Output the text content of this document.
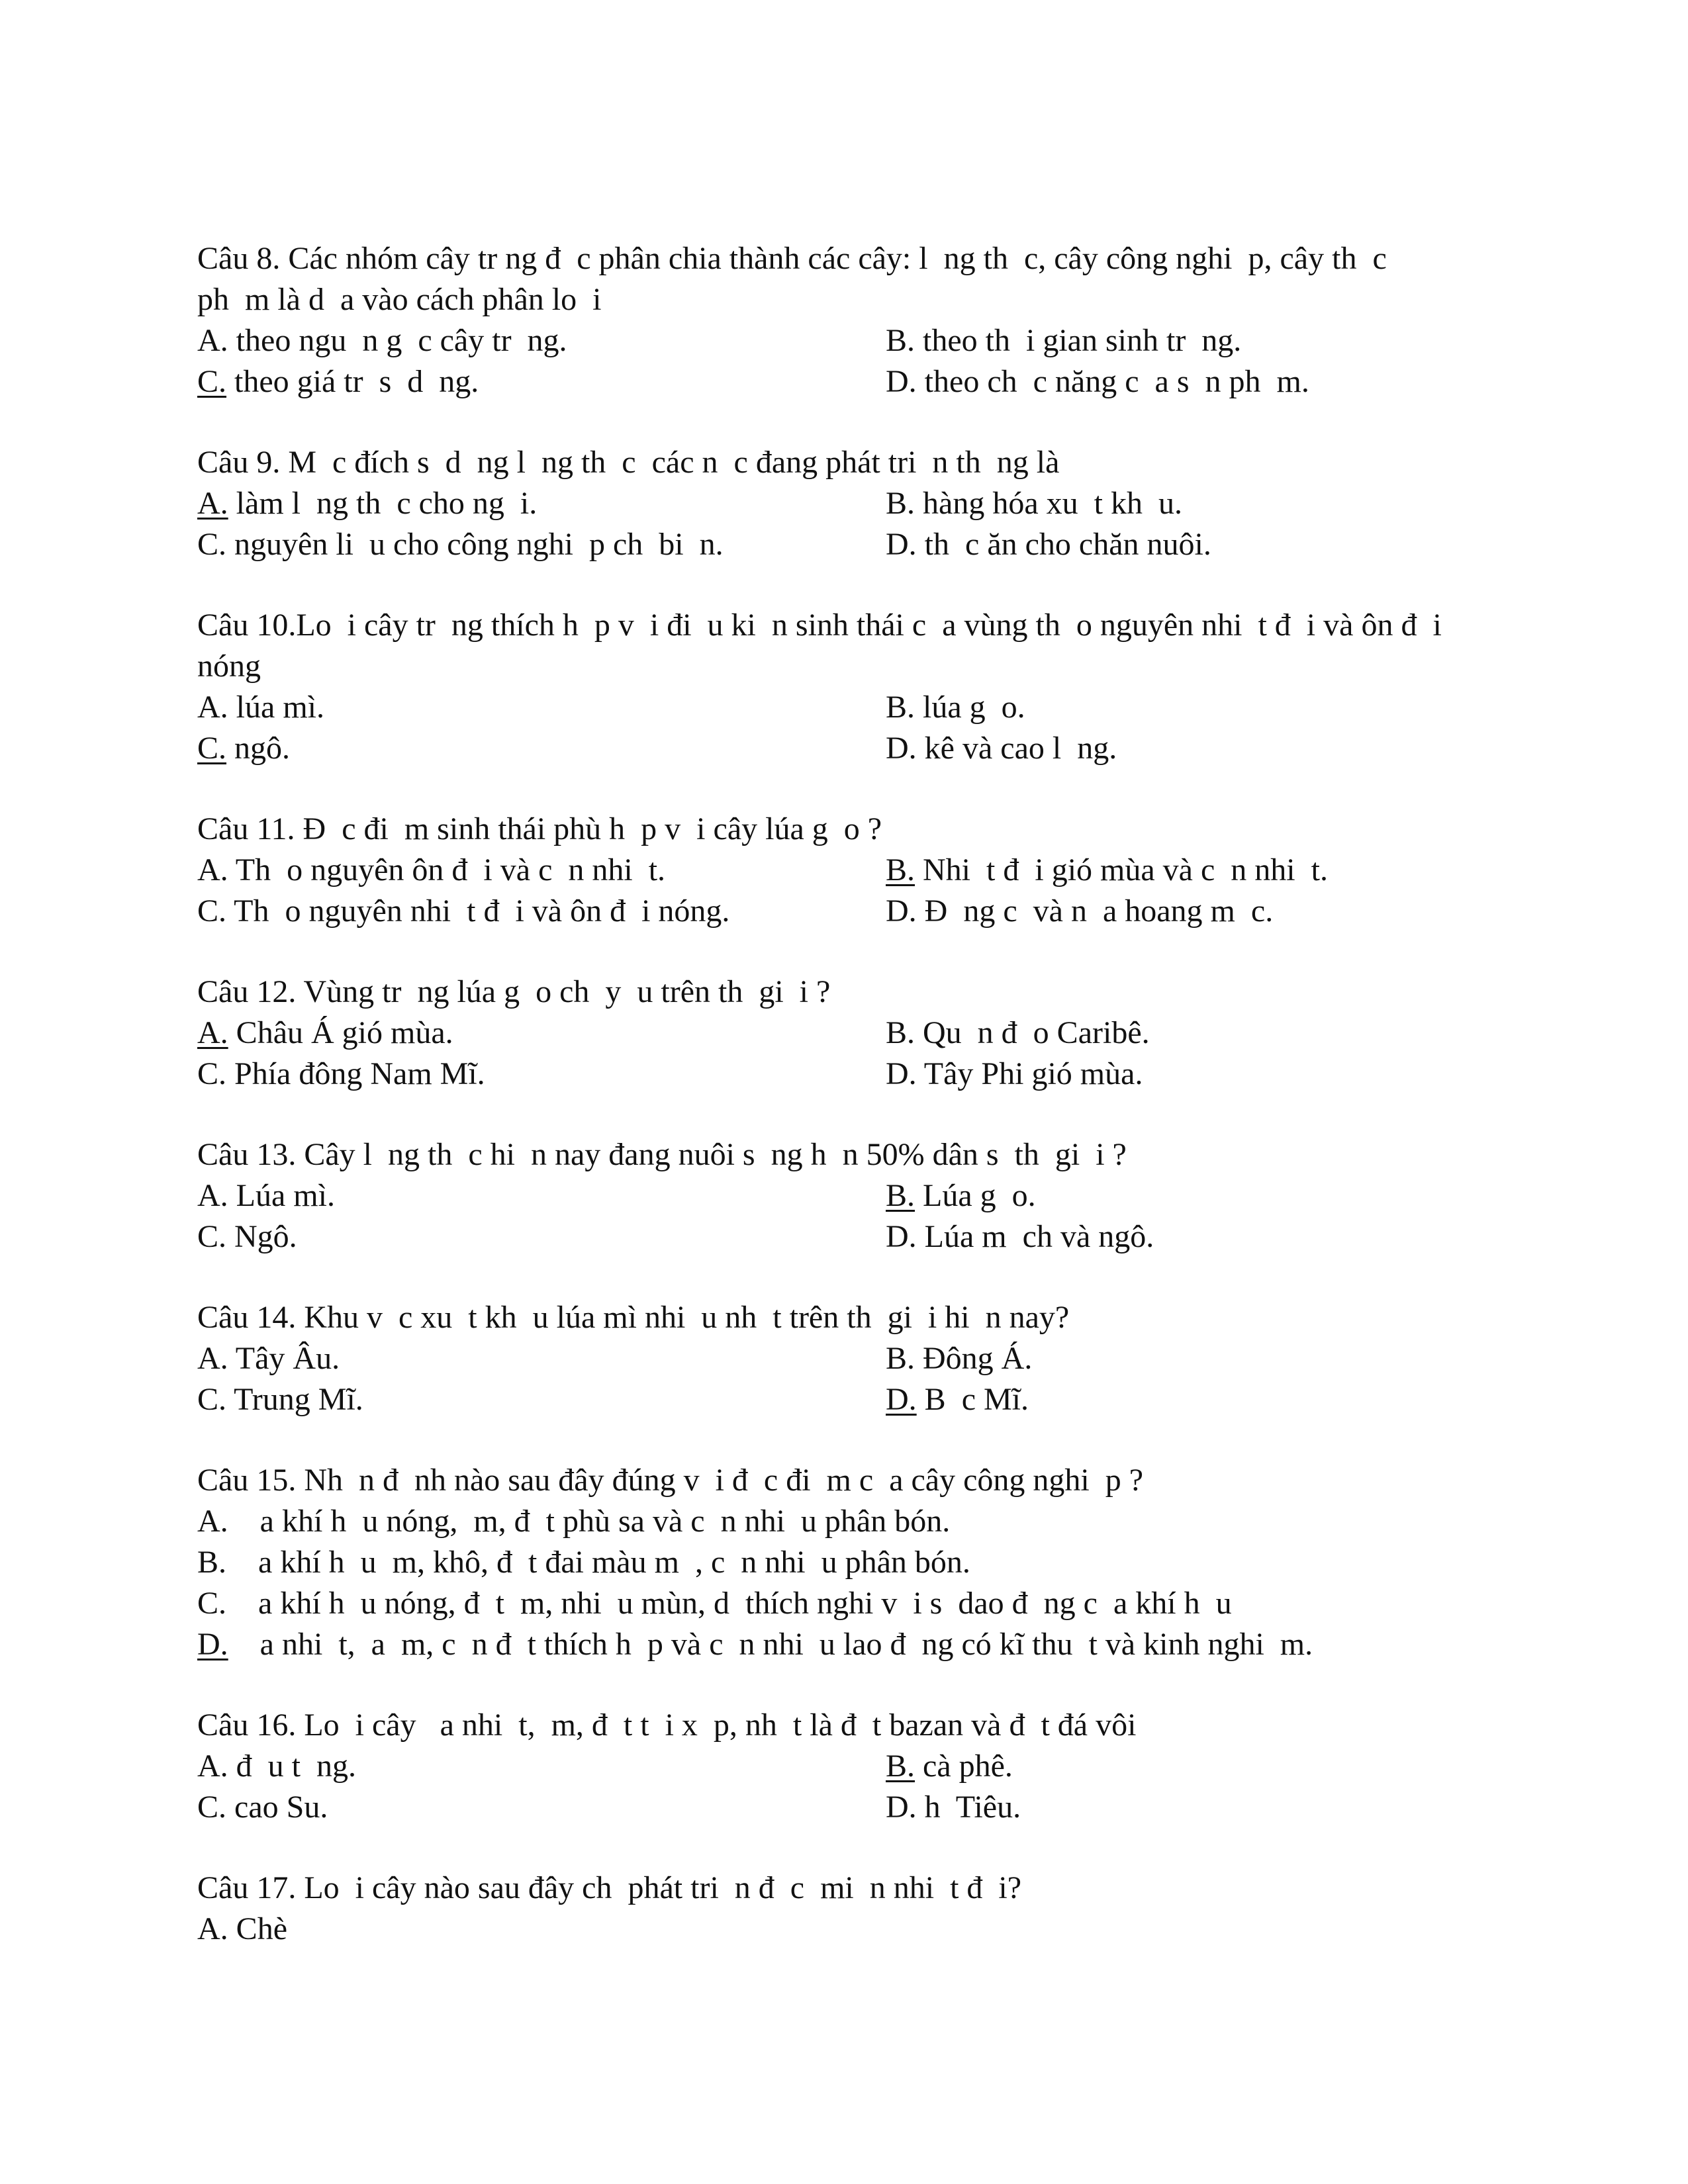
Câu 8. Các nhóm cây tr ng đ  c phân chia thành các cây: l  ng th  c, cây công nghi  p, cây th  c
ph  m là d  a vào cách phân lo  i

A. theo ngu  n g  c cây tr  ng.	B. theo th  i gian sinh tr  ng.
C. theo giá tr  s  d  ng.	D. theo ch  c năng c  a s  n ph  m.

Câu 9. M  c đích s  d  ng l  ng th  c  các n  c đang phát tri  n th  ng là

A. làm l  ng th  c cho ng  i.	B. hàng hóa xu  t kh  u.
C. nguyên li  u cho công nghi  p ch  bi  n.	D. th  c ăn cho chăn nuôi.

Câu 10.Lo  i cây tr  ng thích h  p v  i đi  u ki  n sinh thái c  a vùng th  o nguyên nhi  t đ  i và ôn đ  i
nóng

A. lúa mì.	B. lúa g  o.
C. ngô.	D. kê và cao l  ng.

Câu 11. Đ  c đi  m sinh thái phù h  p v  i cây lúa g  o ?

A. Th  o nguyên ôn đ  i và c  n nhi  t.	B. Nhi  t đ  i gió mùa và c  n nhi  t.
C. Th  o nguyên nhi  t đ  i và ôn đ  i nóng.	D. Đ  ng c  và n  a hoang m  c.

Câu 12. Vùng tr  ng lúa g  o ch  y  u trên th  gi  i ?

A. Châu Á gió mùa.	B. Qu  n đ  o Caribê.
C. Phía đông Nam Mĩ.	D. Tây Phi gió mùa.

Câu 13. Cây l  ng th  c hi  n nay đang nuôi s  ng h  n 50% dân s  th  gi  i ?

A. Lúa mì.	B. Lúa g  o.
C. Ngô.	D. Lúa m  ch và ngô.

Câu 14. Khu v  c xu  t kh  u lúa mì nhi  u nh  t trên th  gi  i hi  n nay?

A. Tây Âu.	B. Đông Á.
C. Trung Mĩ.	D. B  c Mĩ.

Câu 15. Nh  n đ  nh nào sau đây đúng v  i đ  c đi  m c  a cây công nghi  p ?

A.    a khí h  u nóng,  m, đ  t phù sa và c  n nhi  u phân bón.
B.    a khí h  u  m, khô, đ  t đai màu m  , c  n nhi  u phân bón.
C.    a khí h  u nóng, đ  t  m, nhi  u mùn, d  thích nghi v  i s  dao đ  ng c  a khí h  u
D.    a nhi  t,  a  m, c  n đ  t thích h  p và c  n nhi  u lao đ  ng có kĩ thu  t và kinh nghi  m.

Câu 16. Lo  i cây   a nhi  t,  m, đ  t t  i x  p, nh  t là đ  t bazan và đ  t đá vôi

A. đ  u t  ng.	B. cà phê.
C. cao Su.	D. h  Tiêu.

Câu 17. Lo  i cây nào sau đây ch  phát tri  n đ  c  mi  n nhi  t đ  i?

A. Chè
